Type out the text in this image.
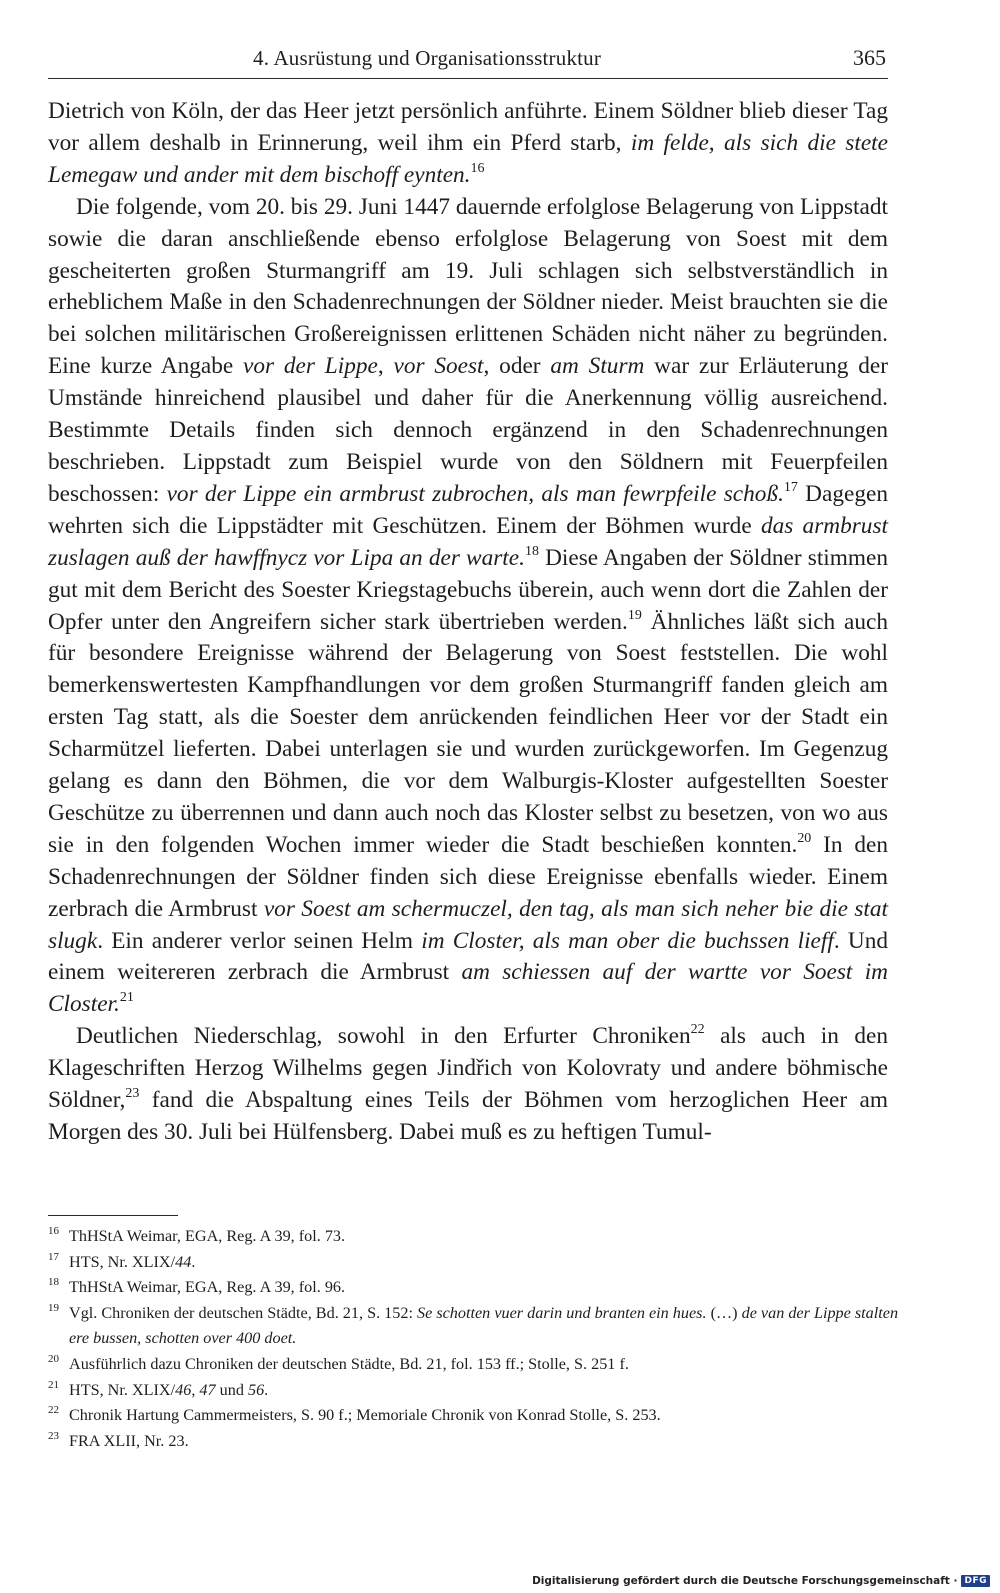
4. Ausrüstung und Organisationsstruktur	365

Dietrich von Köln, der das Heer jetzt persönlich anführte. Einem Söldner blieb dieser Tag vor allem deshalb in Erinnerung, weil ihm ein Pferd starb, im felde, als sich die stete Lemegaw und ander mit dem bischoff eynten.$^{16}$

Die folgende, vom 20. bis 29. Juni 1447 dauernde erfolglose Belagerung von Lippstadt sowie die daran anschließende ebenso erfolglose Belagerung von Soest mit dem gescheiterten großen Sturmangriff am 19. Juli schlagen sich selbstverständlich in erheblichem Maße in den Schadenrechnungen der Söldner nieder. Meist brauchten sie die bei solchen militärischen Großereignissen erlittenen Schäden nicht näher zu begründen. Eine kurze Angabe vor der Lippe, vor Soest, oder am Sturm war zur Erläuterung der Umstände hinreichend plausibel und daher für die Anerkennung völlig ausreichend. Bestimmte Details finden sich dennoch ergänzend in den Schadenrechnungen beschrieben. Lippstadt zum Beispiel wurde von den Söldnern mit Feuerpfeilen beschossen: vor der Lippe ein armbrust zubrochen, als man fewrpfeile schoß.$^{17}$ Dagegen wehrten sich die Lippstädter mit Geschützen. Einem der Böhmen wurde das armbrust zuslagen auß der hawffnycz vor Lipa an der warte.$^{18}$ Diese Angaben der Söldner stimmen gut mit dem Bericht des Soester Kriegstagebuchs überein, auch wenn dort die Zahlen der Opfer unter den Angreifern sicher stark übertrieben werden.$^{19}$ Ähnliches läßt sich auch für besondere Ereignisse während der Belagerung von Soest feststellen. Die wohl bemerkenswertesten Kampfhandlungen vor dem großen Sturmangriff fanden gleich am ersten Tag statt, als die Soester dem anrückenden feindlichen Heer vor der Stadt ein Scharmützel lieferten. Dabei unterlagen sie und wurden zurückgeworfen. Im Gegenzug gelang es dann den Böhmen, die vor dem Walburgis-Kloster aufgestellten Soester Geschütze zu überrennen und dann auch noch das Kloster selbst zu besetzen, von wo aus sie in den folgenden Wochen immer wieder die Stadt beschießen konnten.$^{20}$ In den Schadenrechnungen der Söldner finden sich diese Ereignisse ebenfalls wieder. Einem zerbrach die Armbrust vor Soest am schermuczel, den tag, als man sich neher bie die stat slugk. Ein anderer verlor seinen Helm im Closter, als man ober die buchssen lieff. Und einem weitereren zerbrach die Armbrust am schiessen auf der wartte vor Soest im Closter.$^{21}$

Deutlichen Niederschlag, sowohl in den Erfurter Chroniken$^{22}$ als auch in den Klageschriften Herzog Wilhelms gegen Jindřich von Kolovraty und andere böhmische Söldner,$^{23}$ fand die Abspaltung eines Teils der Böhmen vom herzoglichen Heer am Morgen des 30. Juli bei Hülfensberg. Dabei muß es zu heftigen Tumul-

16 ThHStA Weimar, EGA, Reg. A 39, fol. 73.
17 HTS, Nr. XLIX/44.
18 ThHStA Weimar, EGA, Reg. A 39, fol. 96.
19 Vgl. Chroniken der deutschen Städte, Bd. 21, S. 152: Se schotten vuer darin und branten ein hues. (…) de van der Lippe stalten ere bussen, schotten over 400 doet.
20 Ausführlich dazu Chroniken der deutschen Städte, Bd. 21, fol. 153 ff.; Stolle, S. 251 f.
21 HTS, Nr. XLIX/46, 47 und 56.
22 Chronik Hartung Cammermeisters, S. 90 f.; Memoriale Chronik von Konrad Stolle, S. 253.
23 FRA XLII, Nr. 23.
Digitalisierung gefördert durch die Deutsche Forschungsgemeinschaft · DFG
